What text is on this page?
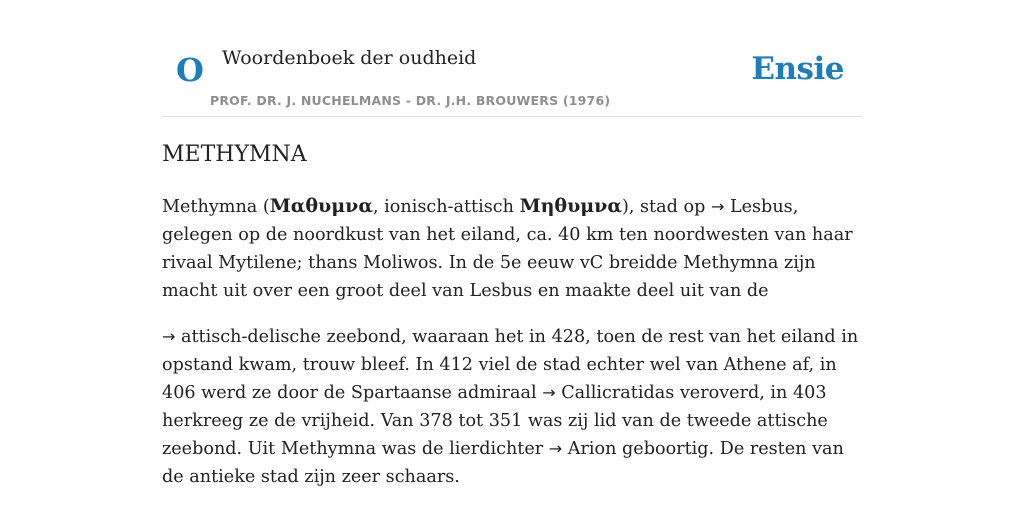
O Woordenboek der oudheid
PROF. DR. J. NUCHELMANS - DR. J.H. BROUWERS (1976)
Ensie
METHYMNA

Methymna (Μαθυμνα, ionisch-attisch Μηθυμνα), stad op → Lesbus, gelegen op de noordkust van het eiland, ca. 40 km ten noordwesten van haar rivaal Mytilene; thans Moliwos. In de 5e eeuw vC breidde Methymna zijn macht uit over een groot deel van Lesbus en maakte deel uit van de

→ attisch-delische zeebond, waaraan het in 428, toen de rest van het eiland in opstand kwam, trouw bleef. In 412 viel de stad echter wel van Athene af, in 406 werd ze door de Spartaanse admiraal → Callicratidas veroverd, in 403 herkreeg ze de vrijheid. Van 378 tot 351 was zij lid van de tweede attische zeebond. Uit Methymna was de lierdichter → Arion geboortig. De resten van de antieke stad zijn zeer schaars.
